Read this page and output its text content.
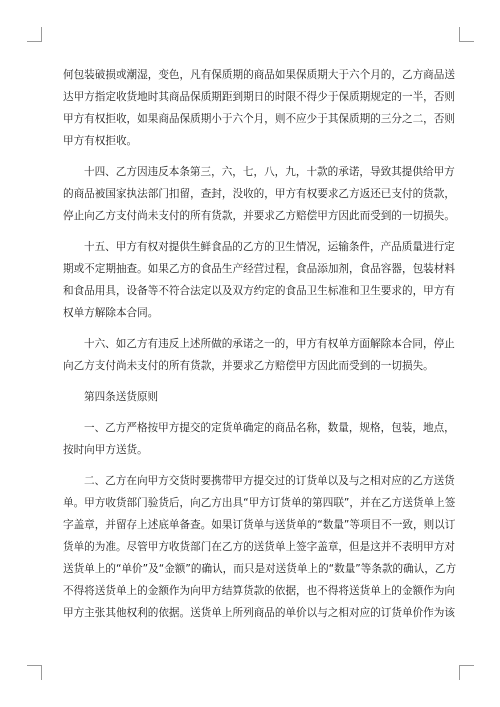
何包装破损或潮湿，变色，凡有保质期的商品如果保质期大于六个月的，乙方商品送
达甲方指定收货地时其商品保质期距到期日的时限不得少于保质期规定的一半，否则
甲方有权拒收，如果商品保质期小于六个月，则不应少于其保质期的三分之二，否则
甲方有权拒收。
十四、乙方因违反本条第三，六，七，八，九，十款的承诺，导致其提供给甲方
的商品被国家执法部门扣留，查封，没收的，甲方有权要求乙方返还已支付的货款，
停止向乙方支付尚未支付的所有货款，并要求乙方赔偿甲方因此而受到的一切损失。
十五、甲方有权对提供生鲜食品的乙方的卫生情况，运输条件，产品质量进行定
期或不定期抽查。如果乙方的食品生产经营过程，食品添加剂，食品容器，包装材料
和食品用具，设备等不符合法定以及双方约定的食品卫生标准和卫生要求的，甲方有
权单方解除本合同。
十六、如乙方有违反上述所做的承诺之一的，甲方有权单方面解除本合同，停止
向乙方支付尚未支付的所有货款，并要求乙方赔偿甲方因此而受到的一切损失。
第四条送货原则
一、乙方严格按甲方提交的定货单确定的商品名称，数量，规格，包装，地点，
按时向甲方送货。
二、乙方在向甲方交货时要携带甲方提交过的订货单以及与之相对应的乙方送货
单。甲方收货部门验货后，向乙方出具“甲方订货单的第四联”，并在乙方送货单上签
字盖章，并留存上述底单备查。如果订货单与送货单的“数量”等项目不一致，则以订
货单的为准。尽管甲方收货部门在乙方的送货单上签字盖章，但是这并不表明甲方对
送货单上的“单价”及“金额”的确认，而只是对送货单上的“数量”等条款的确认，乙方
不得将送货单上的金额作为向甲方结算货款的依据，也不得将送货单上的金额作为向
甲方主张其他权利的依据。送货单上所列商品的单价以与之相对应的订货单价作为该
